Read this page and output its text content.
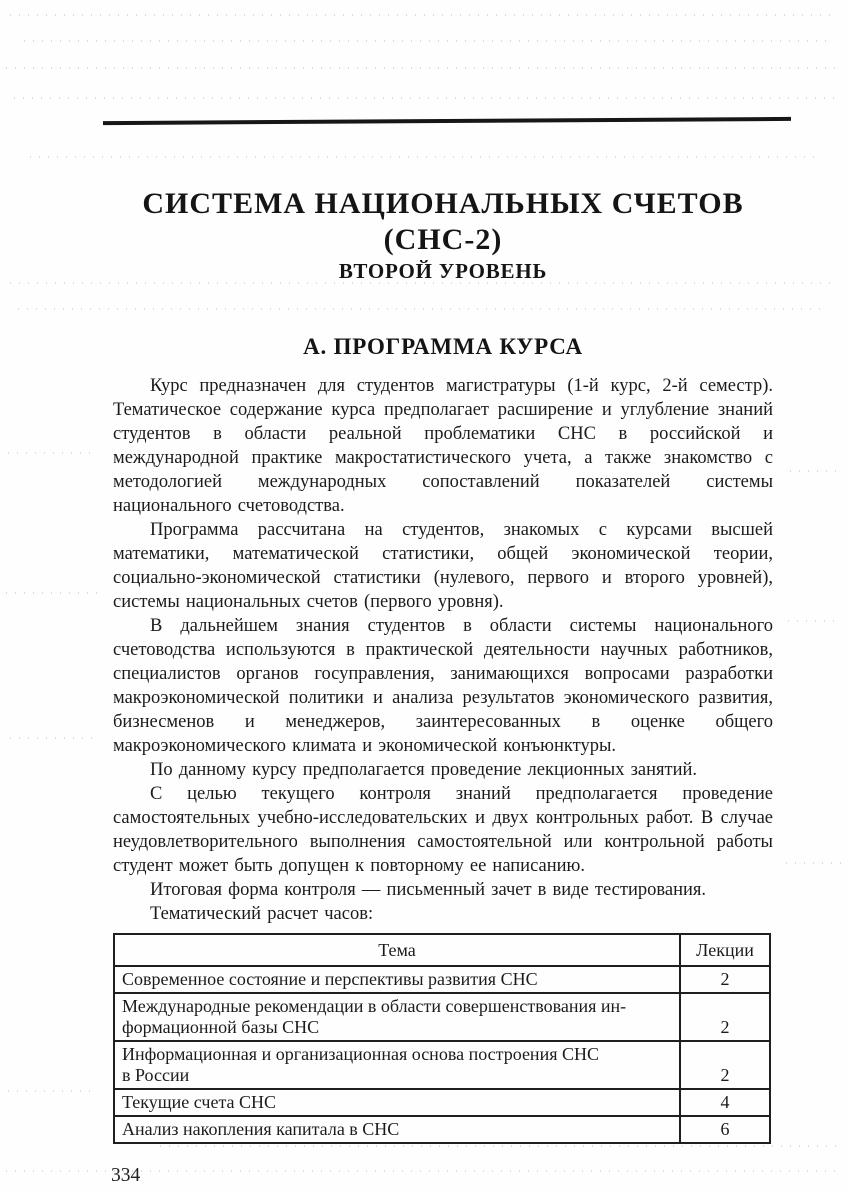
СИСТЕМА НАЦИОНАЛЬНЫХ СЧЕТОВ
(СНС-2)
ВТОРОЙ УРОВЕНЬ
А. ПРОГРАММА КУРСА

Курс предназначен для студентов магистратуры (1-й курс, 2-й семестр). Тематическое содержание курса предполагает расширение и углубление знаний студентов в области реальной проблематики СНС в российской и международной практике макростатистического учета, а также знакомство с методологией международных сопоставлений показателей системы национального счетоводства.

Программа рассчитана на студентов, знакомых с курсами высшей математики, математической статистики, общей экономической теории, социально-экономической статистики (нулевого, первого и второго уровней), системы национальных счетов (первого уровня).

В дальнейшем знания студентов в области системы национального счетоводства используются в практической деятельности научных работников, специалистов органов госуправления, занимающихся вопросами разработки макроэкономической политики и анализа результатов экономического развития, бизнесменов и менеджеров, заинтересованных в оценке общего макроэкономического климата и экономической конъюнктуры.

По данному курсу предполагается проведение лекционных занятий.

С целью текущего контроля знаний предполагается проведение самостоятельных учебно-исследовательских и двух контрольных работ. В случае неудовлетворительного выполнения самостоятельной или контрольной работы студент может быть допущен к повторному ее написанию.

Итоговая форма контроля — письменный зачет в виде тестирования.

Тематический расчет часов:

Тема	Лекции

Современное состояние и перспективы развития СНС	2

Международные рекомендации в области совершенствования ин-
формационной базы СНС	2

Информационная и организационная основа построения СНС
в России	2

Текущие счета СНС	4

Анализ накопления капитала в СНС	6
334
